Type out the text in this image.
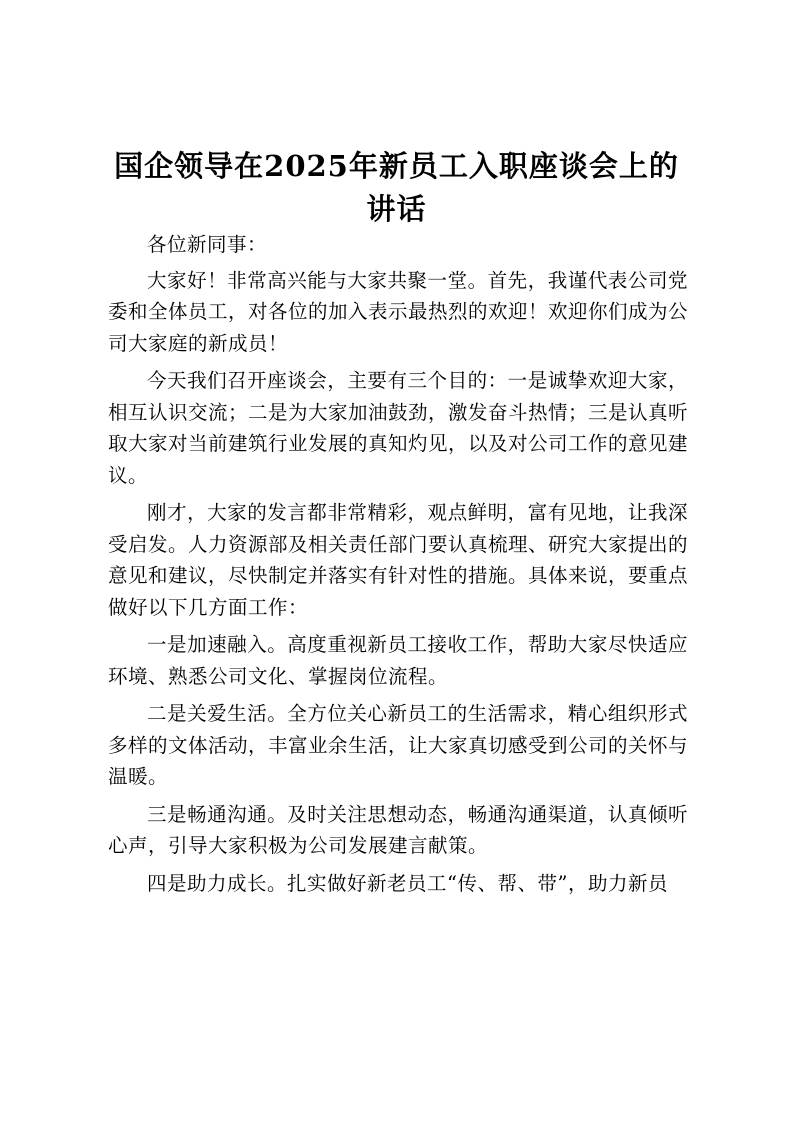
国企领导在2025年新员工入职座谈会上的讲话

各位新同事：

大家好！非常高兴能与大家共聚一堂。首先，我谨代表公司党委和全体员工，对各位的加入表示最热烈的欢迎！欢迎你们成为公司大家庭的新成员！

今天我们召开座谈会，主要有三个目的：一是诚挚欢迎大家，相互认识交流；二是为大家加油鼓劲，激发奋斗热情；三是认真听取大家对当前建筑行业发展的真知灼见，以及对公司工作的意见建议。

刚才，大家的发言都非常精彩，观点鲜明，富有见地，让我深受启发。人力资源部及相关责任部门要认真梳理、研究大家提出的意见和建议，尽快制定并落实有针对性的措施。具体来说，要重点做好以下几方面工作：

一是加速融入。高度重视新员工接收工作，帮助大家尽快适应环境、熟悉公司文化、掌握岗位流程。

二是关爱生活。全方位关心新员工的生活需求，精心组织形式多样的文体活动，丰富业余生活，让大家真切感受到公司的关怀与温暖。

三是畅通沟通。及时关注思想动态，畅通沟通渠道，认真倾听心声，引导大家积极为公司发展建言献策。

四是助力成长。扎实做好新老员工“传、帮、带”，助力新员
